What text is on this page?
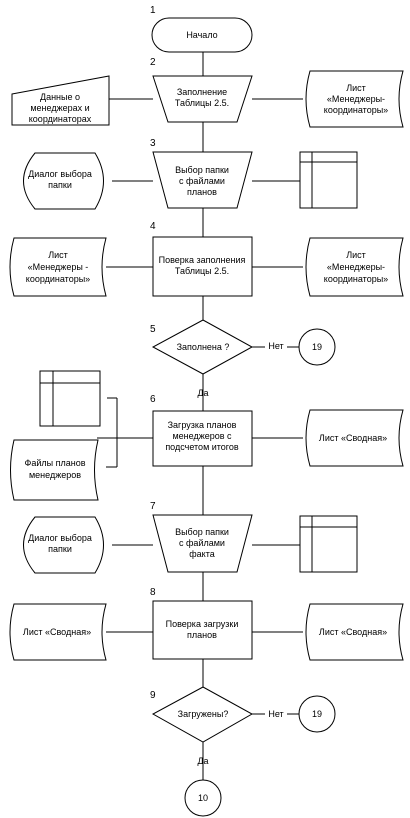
1
2
3
4
5
6
7
8
9
Начало
Заполнение
Таблицы 2.5.
Данные о
менеджерах и
координаторах
Лист
«Менеджеры-
координаторы»
Выбор папки
с файлами
планов
Диалог выбора
папки
Поверка заполнения
Таблицы 2.5.
Лист
«Менеджеры -
координаторы»
Лист
«Менеджеры-
координаторы»
Заполнена ?	19
Нет
Да
Загрузка планов
менеджеров с
подсчетом итогов
Файлы планов
менеджеров
Лист «Сводная»
Выбор папки
с файлами
факта
Диалог выбора
папки
Поверка загрузки
планов
Лист «Сводная»	Лист «Сводная»
Загружены?	19
Нет
Да
10
